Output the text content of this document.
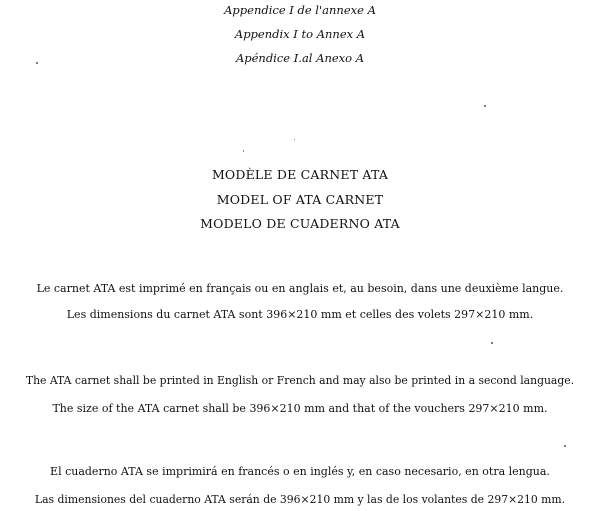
Appendice I de l'annexe A
Appendix I to Annex A
Apéndice I.al Anexo A
MODÈLE DE CARNET ATA
MODEL OF ATA CARNET
MODELO DE CUADERNO ATA
Le carnet ATA est imprimé en français ou en anglais et, au besoin, dans une deuxième langue.
Les dimensions du carnet ATA sont 396×210 mm et celles des volets 297×210 mm.
The ATA carnet shall be printed in English or French and may also be printed in a second language.
The size of the ATA carnet shall be 396×210 mm and that of the vouchers 297×210 mm.
El cuaderno ATA se imprimirá en francés o en inglés y, en caso necesario, en otra lengua.
Las dimensiones del cuaderno ATA serán de 396×210 mm y las de los volantes de 297×210 mm.
